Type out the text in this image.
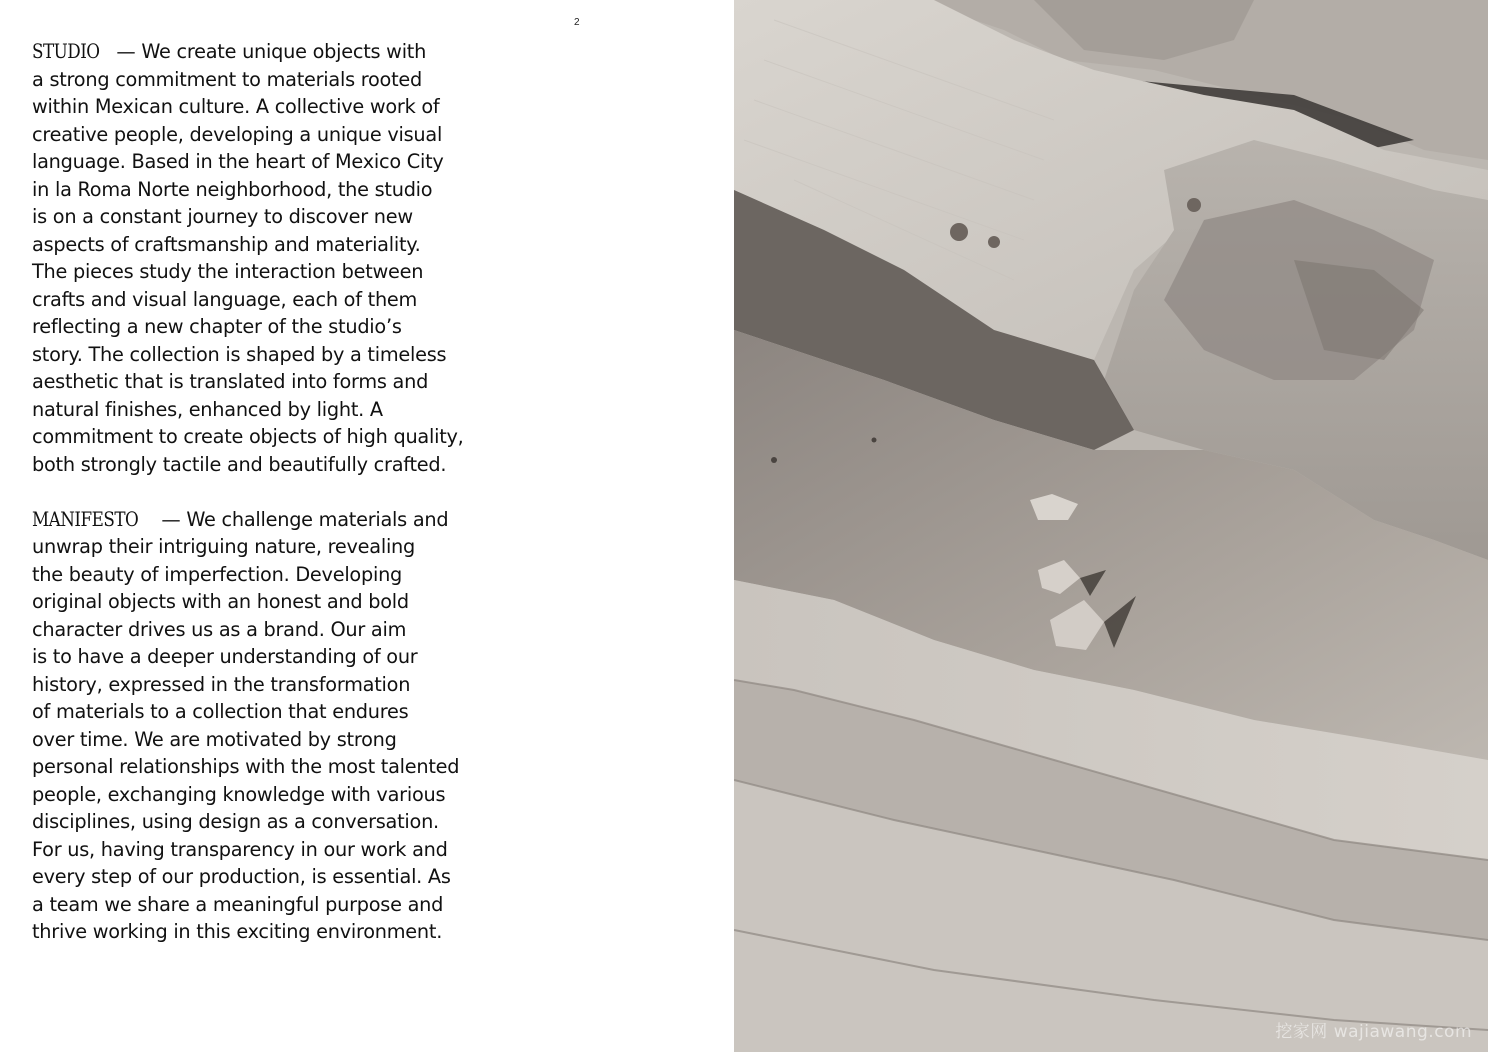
2
STUDIO — We create unique objects with
a strong commitment to materials rooted
within Mexican culture. A collective work of
creative people, developing a unique visual
language. Based in the heart of Mexico City
in la Roma Norte neighborhood, the studio
is on a constant journey to discover new
aspects of craftsmanship and materiality.
The pieces study the interaction between
crafts and visual language, each of them
reflecting a new chapter of the studio’s
story. The collection is shaped by a timeless
aesthetic that is translated into forms and
natural finishes, enhanced by light. A
commitment to create objects of high quality,
both strongly tactile and beautifully crafted.
MANIFESTO — We challenge materials and
unwrap their intriguing nature, revealing
the beauty of imperfection. Developing
original objects with an honest and bold
character drives us as a brand. Our aim
is to have a deeper understanding of our
history, expressed in the transformation
of materials to a collection that endures
over time. We are motivated by strong
personal relationships with the most talented
people, exchanging knowledge with various
disciplines, using design as a conversation.
For us, having transparency in our work and
every step of our production, is essential. As
a team we share a meaningful purpose and
thrive working in this exciting environment.
挖家网 wajiawang.com
